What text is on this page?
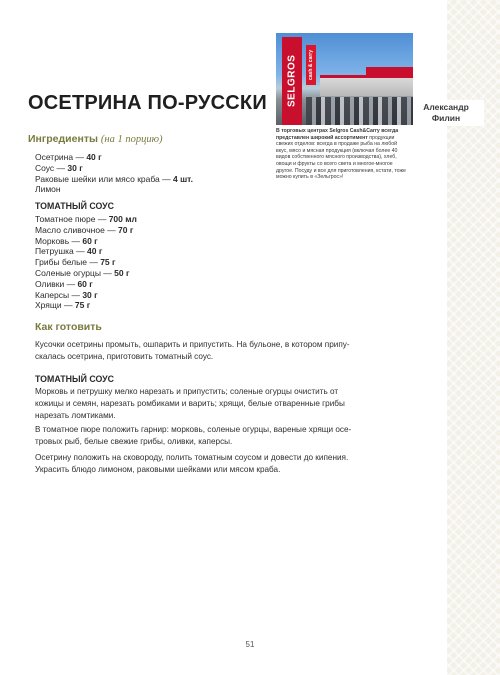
Александр Филин
SELGROS	cash & carry
В торговых центрах Selgros Cash&Carry всегда представлен широкий ассортимент продукции свежих отделов: всегда в продаже рыба на любой вкус, мясо и мясная продукция (включая более 40 видов собственного мясного производства), хлеб, овощи и фрукты со всего света и многое-многое другое. Посуду и все для приготовления, кстати, тоже можно купить в «Зельгрос»!
ОСЕТРИНА ПО-РУССКИ
Ингредиенты (на 1 порцию)
Осетрина — 40 г
Соус — 30 г
Раковые шейки или мясо краба — 4 шт.
Лимон
ТОМАТНЫЙ СОУС
Томатное пюре — 700 мл
Масло сливочное — 70 г
Морковь — 60 г
Петрушка — 40 г
Грибы белые — 75 г
Соленые огурцы — 50 г
Оливки — 60 г
Каперсы — 30 г
Хрящи — 75 г
Как готовить

Кусочки осетрины промыть, ошпарить и припустить. На бульоне, в котором припу-
скалась осетрина, приготовить томатный соус.

ТОМАТНЫЙ СОУС

Морковь и петрушку мелко нарезать и припустить; соленые огурцы очистить от
кожицы и семян, нарезать ромбиками и варить; хрящи, белые отваренные грибы
нарезать ломтиками.

В томатное пюре положить гарнир: морковь, соленые огурцы, вареные хрящи осе-
тровых рыб, белые свежие грибы, оливки, каперсы.

Осетрину положить на сковороду, полить томатным соусом и довести до кипения.
Украсить блюдо лимоном, раковыми шейками или мясом краба.

51
